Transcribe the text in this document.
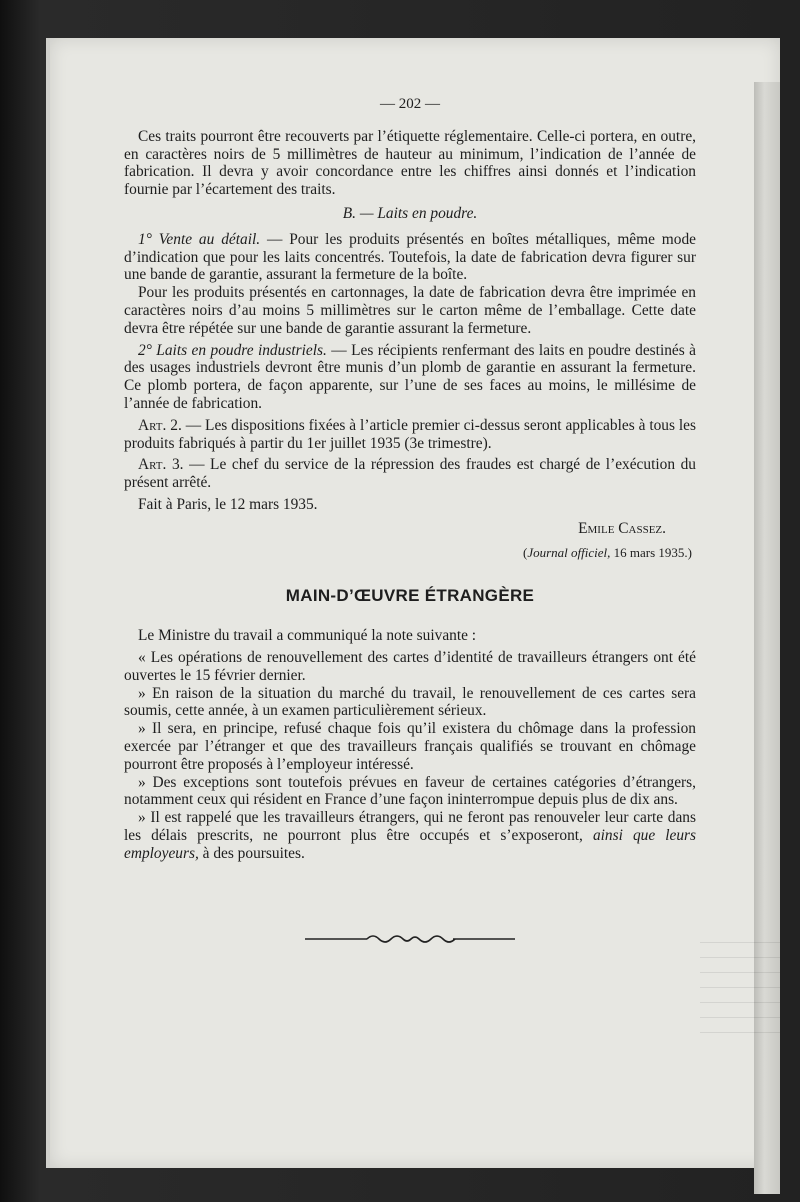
— 202 —

Ces traits pourront être recouverts par l’étiquette réglementaire. Celle-ci portera, en outre, en caractères noirs de 5 millimètres de hauteur au minimum, l’indication de l’année de fabrication. Il devra y avoir concordance entre les chiffres ainsi donnés et l’indication fournie par l’écartement des traits.

B. — Laits en poudre.

1° Vente au détail. — Pour les produits présentés en boîtes métalliques, même mode d’indication que pour les laits concentrés. Toutefois, la date de fabrication devra figurer sur une bande de garantie, assurant la fermeture de la boîte.

Pour les produits présentés en cartonnages, la date de fabrication devra être imprimée en caractères noirs d’au moins 5 millimètres sur le carton même de l’emballage. Cette date devra être répétée sur une bande de garantie assurant la fermeture.

2° Laits en poudre industriels. — Les récipients renfermant des laits en poudre destinés à des usages industriels devront être munis d’un plomb de garantie en assurant la fermeture. Ce plomb portera, de façon apparente, sur l’une de ses faces au moins, le millésime de l’année de fabrication.

Art. 2. — Les dispositions fixées à l’article premier ci-dessus seront applicables à tous les produits fabriqués à partir du 1er juillet 1935 (3e trimestre).

Art. 3. — Le chef du service de la répression des fraudes est chargé de l’exécution du présent arrêté.

Fait à Paris, le 12 mars 1935.

Emile Cassez.

(Journal officiel, 16 mars 1935.)

MAIN-D’ŒUVRE ÉTRANGÈRE

Le Ministre du travail a communiqué la note suivante :

« Les opérations de renouvellement des cartes d’identité de travailleurs étrangers ont été ouvertes le 15 février dernier.

» En raison de la situation du marché du travail, le renouvellement de ces cartes sera soumis, cette année, à un examen particulièrement sérieux.

» Il sera, en principe, refusé chaque fois qu’il existera du chômage dans la profession exercée par l’étranger et que des travailleurs français qualifiés se trouvant en chômage pourront être proposés à l’employeur intéressé.

» Des exceptions sont toutefois prévues en faveur de certaines catégories d’étrangers, notamment ceux qui résident en France d’une façon ininterrompue depuis plus de dix ans.

» Il est rappelé que les travailleurs étrangers, qui ne feront pas renouveler leur carte dans les délais prescrits, ne pourront plus être occupés et s’exposeront, ainsi que leurs employeurs, à des poursuites.
